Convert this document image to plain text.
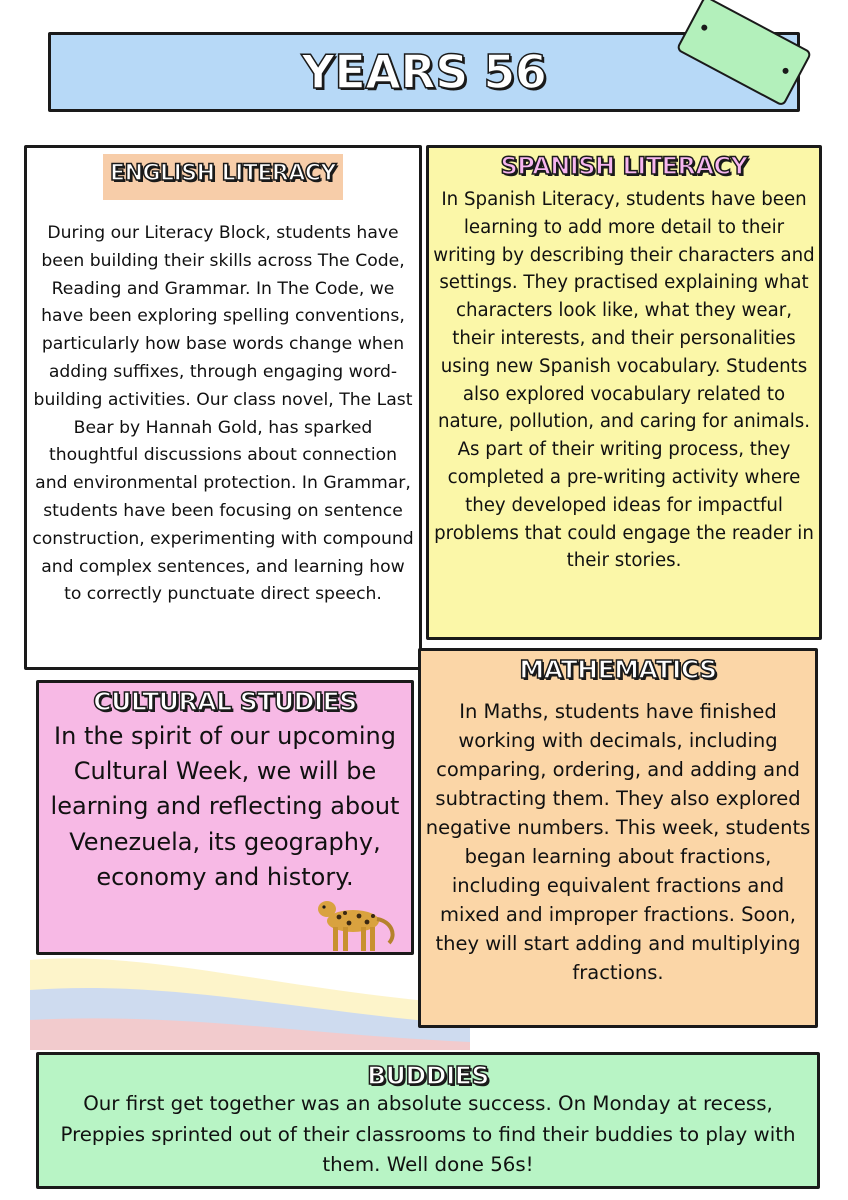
YEARS 56
ENGLISH LITERACY

During our Literacy Block, students have been building their skills across The Code, Reading and Grammar. In The Code, we have been exploring spelling conventions, particularly how base words change when adding suffixes, through engaging word-building activities. Our class novel, The Last Bear by Hannah Gold, has sparked thoughtful discussions about connection and environmental protection. In Grammar, students have been focusing on sentence construction, experimenting with compound and complex sentences, and learning how to correctly punctuate direct speech.

SPANISH LITERACY

In Spanish Literacy, students have been learning to add more detail to their writing by describing their characters and settings. They practised explaining what characters look like, what they wear, their interests, and their personalities using new Spanish vocabulary. Students also explored vocabulary related to nature, pollution, and caring for animals. As part of their writing process, they completed a pre-writing activity where they developed ideas for impactful problems that could engage the reader in their stories.

CULTURAL STUDIES

In the spirit of our upcoming Cultural Week, we will be learning and reflecting about Venezuela, its geography, economy and history.

MATHEMATICS

In Maths, students have finished working with decimals, including comparing, ordering, and adding and subtracting them. They also explored negative numbers. This week, students began learning about fractions, including equivalent fractions and mixed and improper fractions. Soon, they will start adding and multiplying fractions.

BUDDIES

Our first get together was an absolute success. On Monday at recess, Preppies sprinted out of their classrooms to find their buddies to play with them. Well done 56s!
